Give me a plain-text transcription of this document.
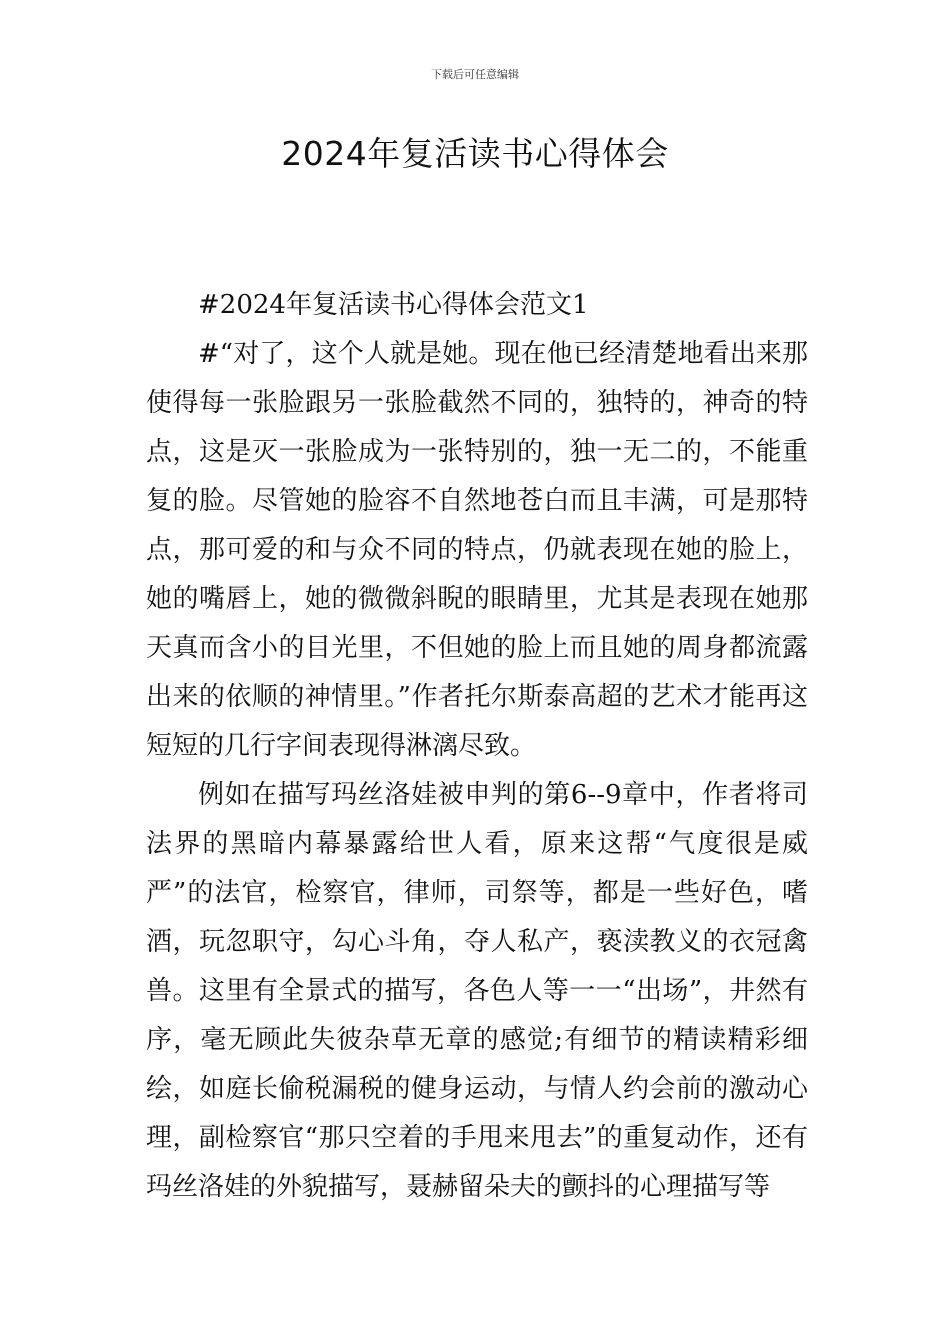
下载后可任意编辑
2024年复活读书心得体会

#2024年复活读书心得体会范文1

#“对了，这个人就是她。现在他已经清楚地看出来那使得每一张脸跟另一张脸截然不同的，独特的，神奇的特点，这是灭一张脸成为一张特别的，独一无二的，不能重复的脸。尽管她的脸容不自然地苍白而且丰满，可是那特点，那可爱的和与众不同的特点，仍就表现在她的脸上，她的嘴唇上，她的微微斜睨的眼睛里，尤其是表现在她那天真而含小的目光里，不但她的脸上而且她的周身都流露出来的依顺的神情里。”作者托尔斯泰高超的艺术才能再这短短的几行字间表现得淋漓尽致。

例如在描写玛丝洛娃被申判的第6--9章中，作者将司法界的黑暗内幕暴露给世人看，原来这帮“气度很是威严”的法官，检察官，律师，司祭等，都是一些好色，嗜酒，玩忽职守，勾心斗角，夺人私产，亵渎教义的衣冠禽兽。这里有全景式的描写，各色人等一一“出场”，井然有序，毫无顾此失彼杂草无章的感觉;有细节的精读精彩细绘，如庭长偷税漏税的健身运动，与情人约会前的激动心理，副检察官“那只空着的手甩来甩去”的重复动作，还有玛丝洛娃的外貌描写，聂赫留朵夫的颤抖的心理描写等
